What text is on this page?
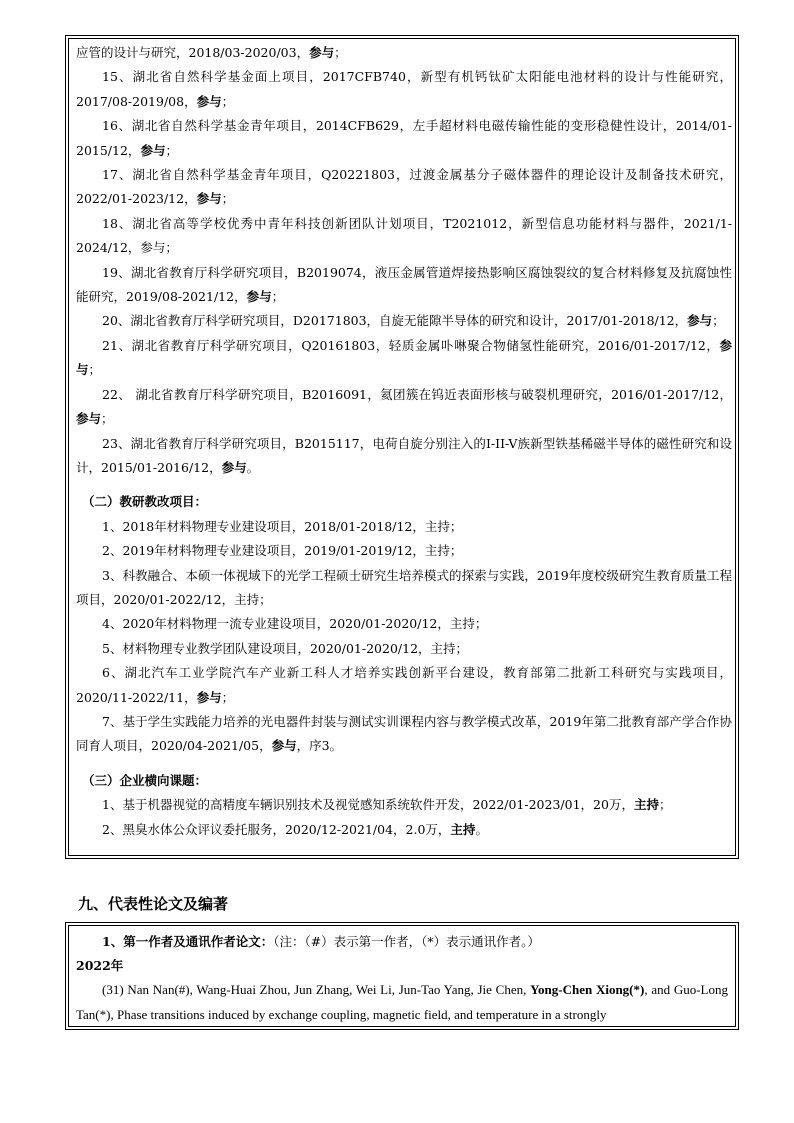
应管的设计与研究，2018/03-2020/03，参与；

15、湖北省自然科学基金面上项目，2017CFB740，新型有机钙钛矿太阳能电池材料的设计与性能研究，2017/08-2019/08，参与；

16、湖北省自然科学基金青年项目，2014CFB629，左手超材料电磁传输性能的变形稳健性设计，2014/01-2015/12，参与；

17、湖北省自然科学基金青年项目，Q20221803，过渡金属基分子磁体器件的理论设计及制备技术研究，2022/01-2023/12，参与；

18、湖北省高等学校优秀中青年科技创新团队计划项目，T2021012，新型信息功能材料与器件，2021/1-2024/12，参与；

19、湖北省教育厅科学研究项目，B2019074，液压金属管道焊接热影响区腐蚀裂纹的复合材料修复及抗腐蚀性能研究，2019/08-2021/12，参与；

20、湖北省教育厅科学研究项目，D20171803，自旋无能隙半导体的研究和设计，2017/01-2018/12，参与；

21、湖北省教育厅科学研究项目，Q20161803，轻质金属卟啉聚合物储氢性能研究，2016/01-2017/12，参与；

22、 湖北省教育厅科学研究项目，B2016091，氦团簇在钨近表面形核与破裂机理研究，2016/01-2017/12，参与；

23、湖北省教育厅科学研究项目，B2015117，电荷自旋分别注入的I-II-V族新型铁基稀磁半导体的磁性研究和设计，2015/01-2016/12，参与。

（二）教研教改项目：

1、2018年材料物理专业建设项目，2018/01-2018/12，主持；

2、2019年材料物理专业建设项目，2019/01-2019/12，主持；

3、科教融合、本硕一体视域下的光学工程硕士研究生培养模式的探索与实践，2019年度校级研究生教育质量工程项目，2020/01-2022/12，主持；

4、2020年材料物理一流专业建设项目，2020/01-2020/12，主持；

5、材料物理专业教学团队建设项目，2020/01-2020/12，主持；

6、湖北汽车工业学院汽车产业新工科人才培养实践创新平台建设，教育部第二批新工科研究与实践项目，2020/11-2022/11，参与；

7、基于学生实践能力培养的光电器件封装与测试实训课程内容与教学模式改革，2019年第二批教育部产学合作协同育人项目，2020/04-2021/05，参与，序3。

（三）企业横向课题：

1、基于机器视觉的高精度车辆识别技术及视觉感知系统软件开发，2022/01-2023/01，20万，主持；

2、黑臭水体公众评议委托服务，2020/12-2021/04，2.0万，主持。

九、代表性论文及编著

1、第一作者及通讯作者论文：（注：（#）表示第一作者，（*）表示通讯作者。）

2022年

(31) Nan Nan(#), Wang-Huai Zhou, Jun Zhang, Wei Li, Jun-Tao Yang, Jie Chen, Yong-Chen Xiong(*), and Guo-Long Tan(*), Phase transitions induced by exchange coupling, magnetic field, and temperature in a strongly
